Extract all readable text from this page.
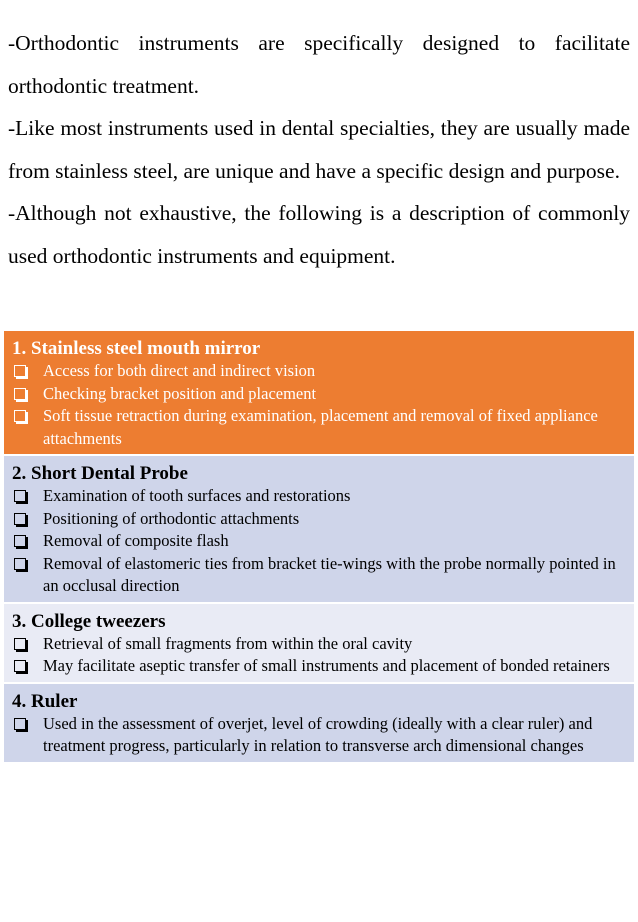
-Orthodontic instruments are specifically designed to facilitate orthodontic treatment.

-Like most instruments used in dental specialties, they are usually made from stainless steel, are unique and have a specific design and purpose.

-Although not exhaustive, the following is a description of commonly used orthodontic instruments and equipment.

1. Stainless steel mouth mirror
Access for both direct and indirect vision
Checking bracket position and placement
Soft tissue retraction during examination, placement and removal of fixed appliance attachments
2. Short Dental Probe
Examination of tooth surfaces and restorations
Positioning of orthodontic attachments
Removal of composite flash
Removal of elastomeric ties from bracket tie-wings with the probe normally pointed in an occlusal direction
3. College tweezers
Retrieval of small fragments from within the oral cavity
May facilitate aseptic transfer of small instruments and placement of bonded retainers
4. Ruler
Used in the assessment of overjet, level of crowding (ideally with a clear ruler) and treatment progress, particularly in relation to transverse arch dimensional changes
